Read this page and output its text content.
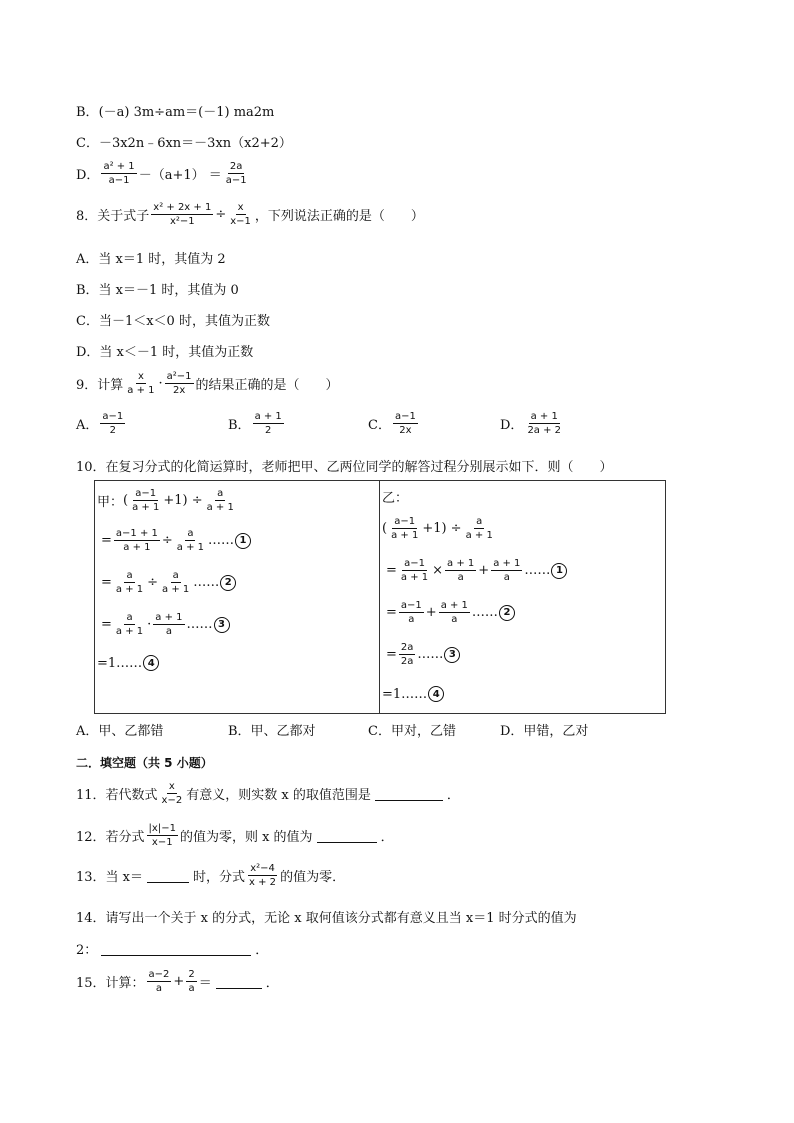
B． (－a) 3m÷am＝(－1) ma2m
C． －3x2n﹣6xn＝－3xn（x2+2）
D． $\frac{\text{a² + 1}}{a-1} -(a+1) = \frac{2a}{a-1}$
8．关于式子 $\frac{\text{x² + 2x + 1}}{\text{x²−1}} \div \frac{x}{x-1}$ ，下列说法正确的是（　　）
A．当 x＝1 时，其值为 2
B．当 x＝－1 时，其值为 0
C．当－1＜x＜0 时，其值为正数
D．当 x＜－1 时，其值为正数
9．计算 $\frac{x}{a + 1} \cdot \frac{\text{a²−1}}{2x}$ 的结果正确的是（　　）
A． $\frac{a-1}{2}$	B． $\frac{a + 1}{2}$	C． $\frac{a-1}{2x}$	D． $\frac{a + 1}{2a + 2}$
10．在复习分式的化简运算时，老师把甲、乙两位同学的解答过程分别展示如下．则（　　）
甲： ( $\frac{a-1}{a + 1} +1) \div \frac{a}{a + 1}$
= $\frac{a-1 + 1}{a + 1} \div \frac{a}{a + 1}$ …… 1
= $\frac{a}{a + 1} \div \frac{a}{a + 1}$ …… 2
= $\frac{a}{a + 1} \cdot \frac{a + 1}{a}$ …… 3
=1…… 4
乙：
( $\frac{a-1}{a + 1} +1) \div \frac{a}{a + 1}$
= $\frac{a-1}{a + 1} \times \frac{a + 1}{a} + \frac{a + 1}{a}$ …… 1
= $\frac{a-1}{a} + \frac{a + 1}{a}$ …… 2
= $\frac{2a}{2a}$ …… 3
=1…… 4
A．甲、乙都错	B．甲、乙都对	C．甲对，乙错	D．甲错，乙对
二．填空题（共 5 小题）
11．若代数式 $\frac{x}{x-2}$ 有意义，则实数 x 的取值范围是	．
12．若分式 $\frac{|x|-1}{x-1}$ 的值为零，则 x 的值为	．
13．当 x＝	时，分式 $\frac{\text{x²−4}}{x + 2}$ 的值为零．
14．请写出一个关于 x 的分式，无论 x 取何值该分式都有意义且当 x＝1 时分式的值为
2：	．
15．计算： $\frac{a-2}{a} + \frac{2}{a}$ ＝	．
